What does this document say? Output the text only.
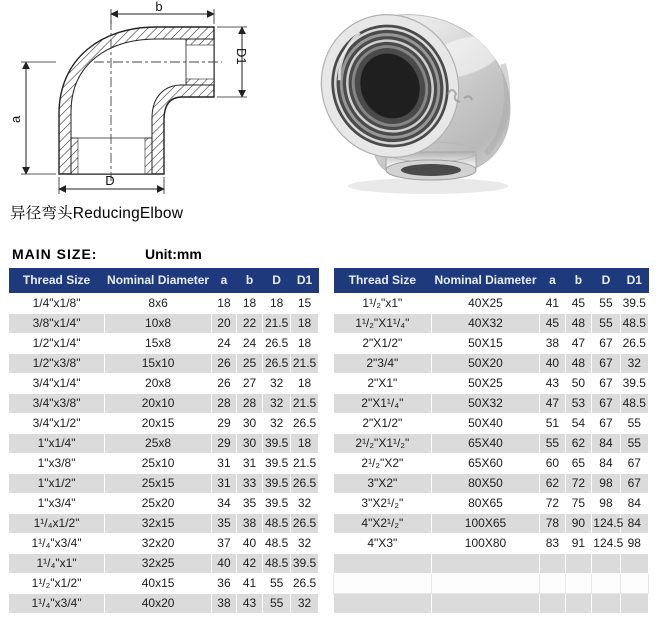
b
D1
a
D
异径弯头ReducingElbow
MAIN SIZE:	Unit:mm
Thread Size	Nominal Diameter	a	b	D	D1
1/4"x1/8"	8x6	18	18	18	15
3/8"x1/4"	10x8	20	22	21.5	18
1/2"x1/4"	15x8	24	24	26.5	18
1/2"x3/8"	15x10	26	25	26.5	21.5
3/4"x1/4"	20x8	26	27	32	18
3/4"x3/8"	20x10	28	28	32	21.5
3/4"x1/2"	20x15	29	30	32	26.5
1"x1/4"	25x8	29	30	39.5	18
1"x3/8"	25x10	31	31	39.5	21.5
1"x1/2"	25x15	31	33	39.5	26.5
1"x3/4"	25x20	34	35	39.5	32
1¹/₄x1/2"	32x15	35	38	48.5	26.5
1¹/₄"x3/4"	32x20	37	40	48.5	32
1¹/₄"x1"	32x25	40	42	48.5	39.5
1¹/₂"x1/2"	40x15	36	41	55	26.5
1¹/₄"x3/4"	40x20	38	43	55	32
Thread Size	Nominal Diameter	a	b	D	D1
1¹/₂"x1"	40X25	41	45	55	39.5
1¹/₂"X1¹/₄"	40X32	45	48	55	48.5
2"X1/2"	50X15	38	47	67	26.5
2"3/4"	50X20	40	48	67	32
2"X1"	50X25	43	50	67	39.5
2"X1¹/₄"	50X32	47	53	67	48.5
2"X1/2"	50X40	51	54	67	55
2¹/₂"X1¹/₂"	65X40	55	62	84	55
2¹/₂"X2"	65X60	60	65	84	67
3"X2"	80X50	62	72	98	67
3"X2¹/₂"	80X65	72	75	98	84
4"X2¹/₂"	100X65	78	90	124.5	84
4"X3"	100X80	83	91	124.5	98
